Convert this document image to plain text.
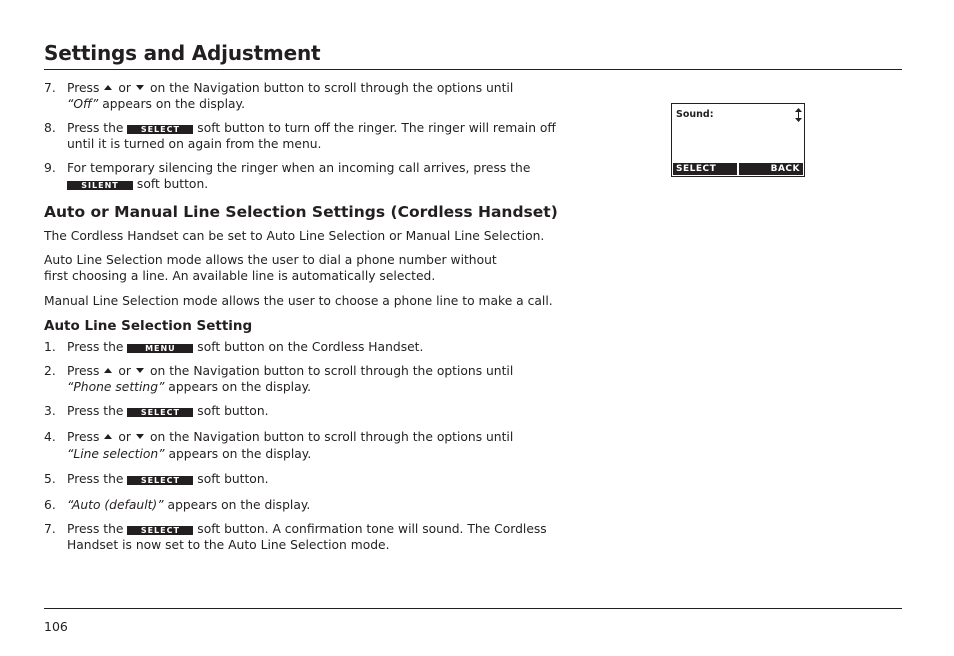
Settings and Adjustment

7. Press or on the Navigation button to scroll through the options until
“Off” appears on the display.

8. Press the SELECT soft button to turn off the ringer. The ringer will remain off until it is turned on again from the menu.

9. For temporary silencing the ringer when an incoming call arrives, press the
SILENT soft button.

Auto or Manual Line Selection Settings (Cordless Handset)

The Cordless Handset can be set to Auto Line Selection or Manual Line Selection.

Auto Line Selection mode allows the user to dial a phone number without first choosing a line. An available line is automatically selected.

Manual Line Selection mode allows the user to choose a phone line to make a call.

Auto Line Selection Setting

1. Press the	MENU soft button on the Cordless Handset.

2. Press or on the Navigation button to scroll through the options until
“Phone setting” appears on the display.

3. Press the SELECT soft button.

4. Press or on the Navigation button to scroll through the options until
“Line selection” appears on the display.

5. Press the SELECT soft button.

6. “Auto (default)” appears on the display.

7. Press the SELECT soft button. A confirmation tone will sound. The Cordless Handset is now set to the Auto Line Selection mode.

Sound:
SELECT	BACK
106
